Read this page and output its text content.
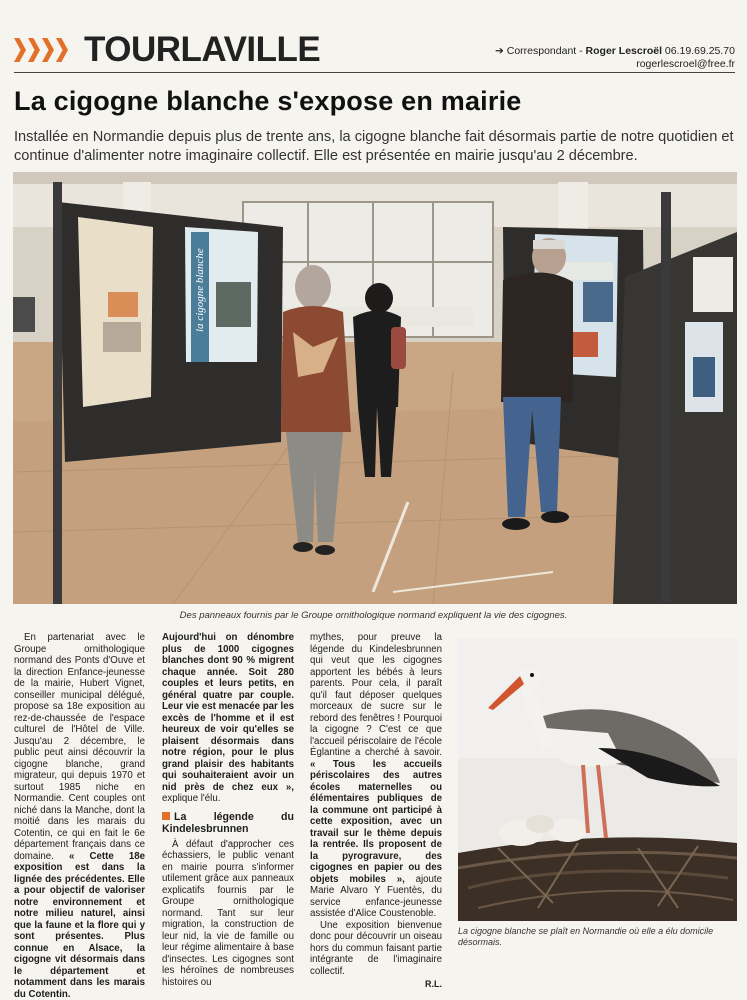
TOURLAVILLE	➔ Correspondant - Roger Lescroël 06.19.69.25.70
rogerlescroel@free.fr
La cigogne blanche s'expose en mairie

Installée en Normandie depuis plus de trente ans, la cigogne blanche fait désormais partie de notre quotidien et continue d'alimenter notre imaginaire collectif. Elle est présentée en mairie jusqu'au 2 décembre.

la cigogne blanche
Des panneaux fournis par le Groupe ornithologique normand expliquent la vie des cigognes.

En partenariat avec le Groupe ornithologique normand des Ponts d'Ouve et la direction Enfance-jeunesse de la mairie, Hubert Vignet, conseiller municipal délégué, propose sa 18e exposition au rez-de-chaussée de l'espace culturel de l'Hôtel de Ville. Jusqu'au 2 décembre, le public peut ainsi découvrir la cigogne blanche, grand migrateur, qui depuis 1970 et surtout 1985 niche en Normandie. Cent couples ont niché dans la Manche, dont la moitié dans les marais du Cotentin, ce qui en fait le 6e département français dans ce domaine. « Cette 18e exposition est dans la lignée des précédentes. Elle a pour objectif de valoriser notre environnement et notre milieu naturel, ainsi que la faune et la flore qui y sont présentes. Plus connue en Alsace, la cigogne vit désormais dans le département et notamment dans les marais du Cotentin.

Aujourd'hui on dénombre plus de 1000 cigognes blanches dont 90 % migrent chaque année. Soit 280 couples et leurs petits, en général quatre par couple. Leur vie est menacée par les excès de l'homme et il est heureux de voir qu'elles se plaisent désormais dans notre région, pour le plus grand plaisir des habitants qui souhaiteraient avoir un nid près de chez eux », explique l'élu.

La légende du Kindelesbrunnen

À défaut d'approcher ces échassiers, le public venant en mairie pourra s'informer utilement grâce aux panneaux explicatifs fournis par le Groupe ornithologique normand. Tant sur leur migration, la construction de leur nid, la vie de famille ou leur régime alimentaire à base d'insectes. Les cigognes sont les héroïnes de nombreuses histoires ou

mythes, pour preuve la légende du Kindelesbrunnen qui veut que les cigognes apportent les bébés à leurs parents. Pour cela, il paraît qu'il faut déposer quelques morceaux de sucre sur le rebord des fenêtres ! Pourquoi la cigogne ? C'est ce que l'accueil périscolaire de l'école Églantine a cherché à savoir. « Tous les accueils périscolaires des autres écoles maternelles ou élémentaires publiques de la commune ont participé à cette exposition, avec un travail sur le thème depuis la rentrée. Ils proposent de la pyrogravure, des cigognes en papier ou des objets mobiles », ajoute Marie Alvaro Y Fuentès, du service enfance-jeunesse assistée d'Alice Coustenoble.

Une exposition bienvenue donc pour découvrir un oiseau hors du commun faisant partie intégrante de l'imaginaire collectif.

R.L.
La cigogne blanche se plaît en Normandie où elle a élu domicile désormais.
